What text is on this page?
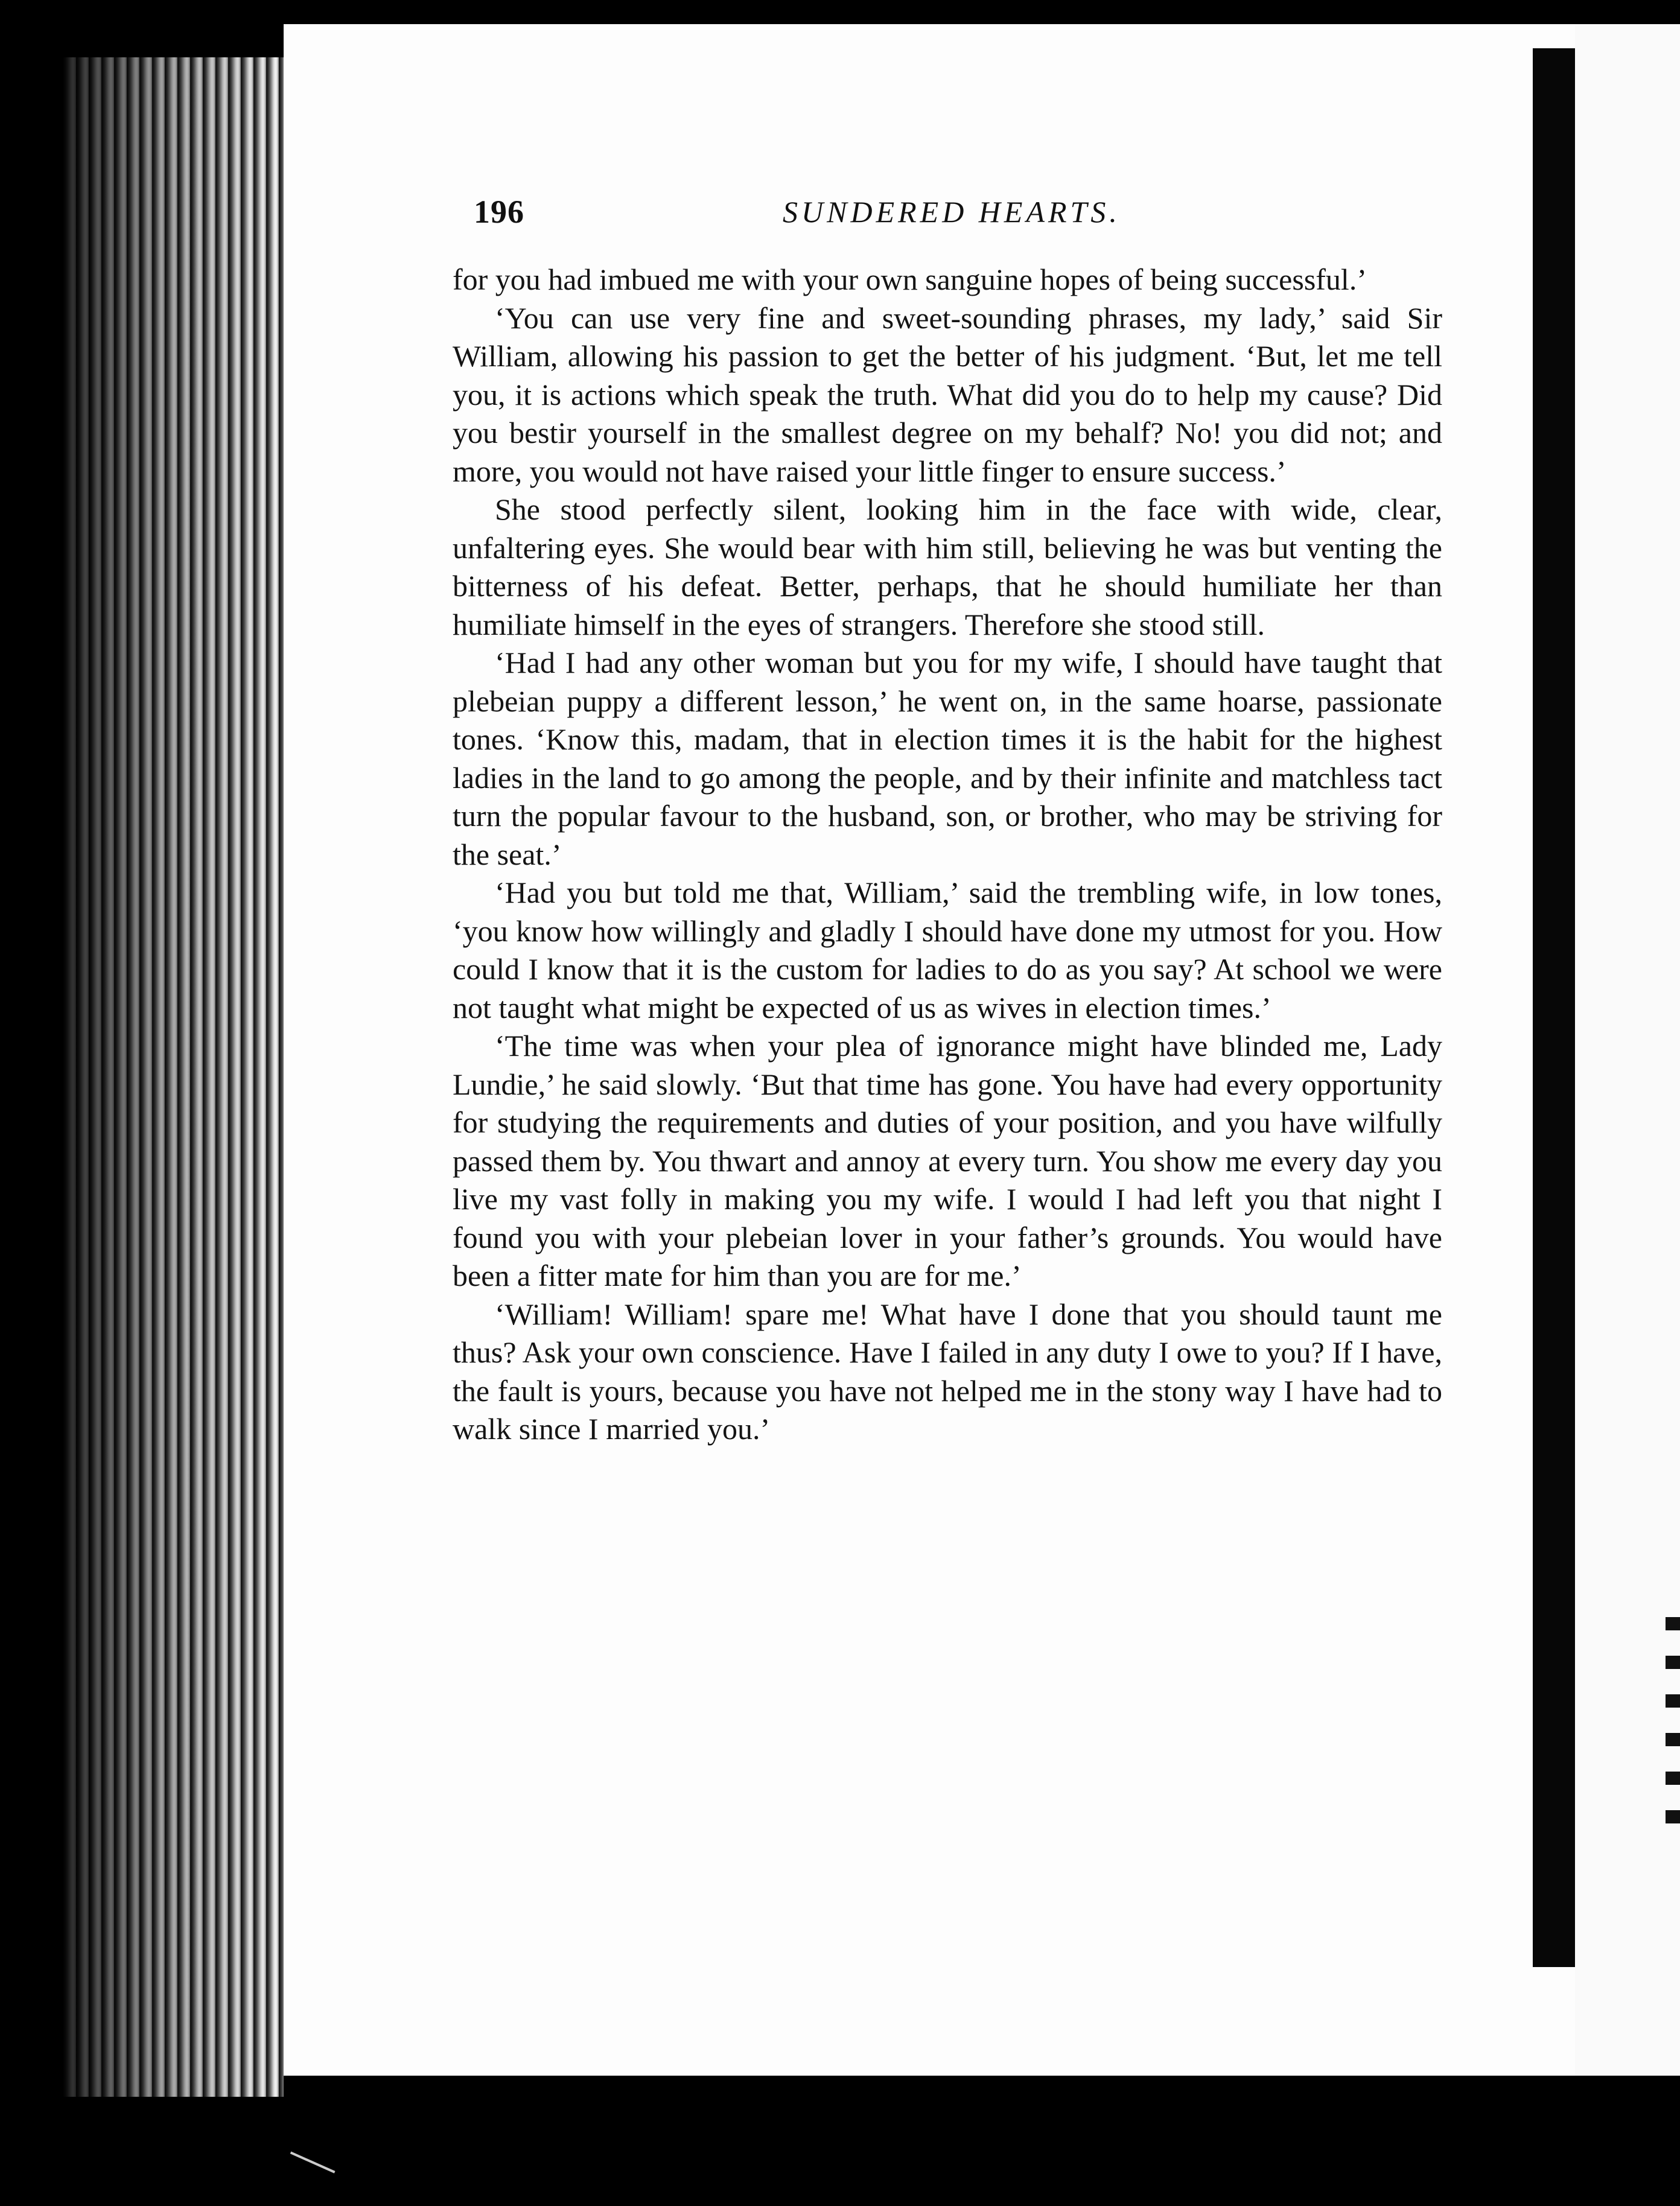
196	SUNDERED HEARTS.

for you had imbued me with your own sanguine hopes of being successful.’

‘You can use very fine and sweet-sounding phrases, my lady,’ said Sir William, allowing his passion to get the better of his judgment. ‘But, let me tell you, it is actions which speak the truth. What did you do to help my cause? Did you bestir yourself in the smallest degree on my behalf? No! you did not; and more, you would not have raised your little finger to ensure success.’

She stood perfectly silent, looking him in the face with wide, clear, unfaltering eyes. She would bear with him still, believing he was but venting the bitterness of his defeat. Better, perhaps, that he should humiliate her than humiliate himself in the eyes of strangers. Therefore she stood still.

‘Had I had any other woman but you for my wife, I should have taught that plebeian puppy a different lesson,’ he went on, in the same hoarse, passionate tones. ‘Know this, madam, that in election times it is the habit for the highest ladies in the land to go among the people, and by their infinite and matchless tact turn the popular favour to the husband, son, or brother, who may be striving for the seat.’

‘Had you but told me that, William,’ said the trembling wife, in low tones, ‘you know how willingly and gladly I should have done my utmost for you. How could I know that it is the custom for ladies to do as you say? At school we were not taught what might be expected of us as wives in election times.’

‘The time was when your plea of ignorance might have blinded me, Lady Lundie,’ he said slowly. ‘But that time has gone. You have had every opportunity for studying the requirements and duties of your position, and you have wilfully passed them by. You thwart and annoy at every turn. You show me every day you live my vast folly in making you my wife. I would I had left you that night I found you with your plebeian lover in your father’s grounds. You would have been a fitter mate for him than you are for me.’

‘William! William! spare me! What have I done that you should taunt me thus? Ask your own conscience. Have I failed in any duty I owe to you? If I have, the fault is yours, because you have not helped me in the stony way I have had to walk since I married you.’
